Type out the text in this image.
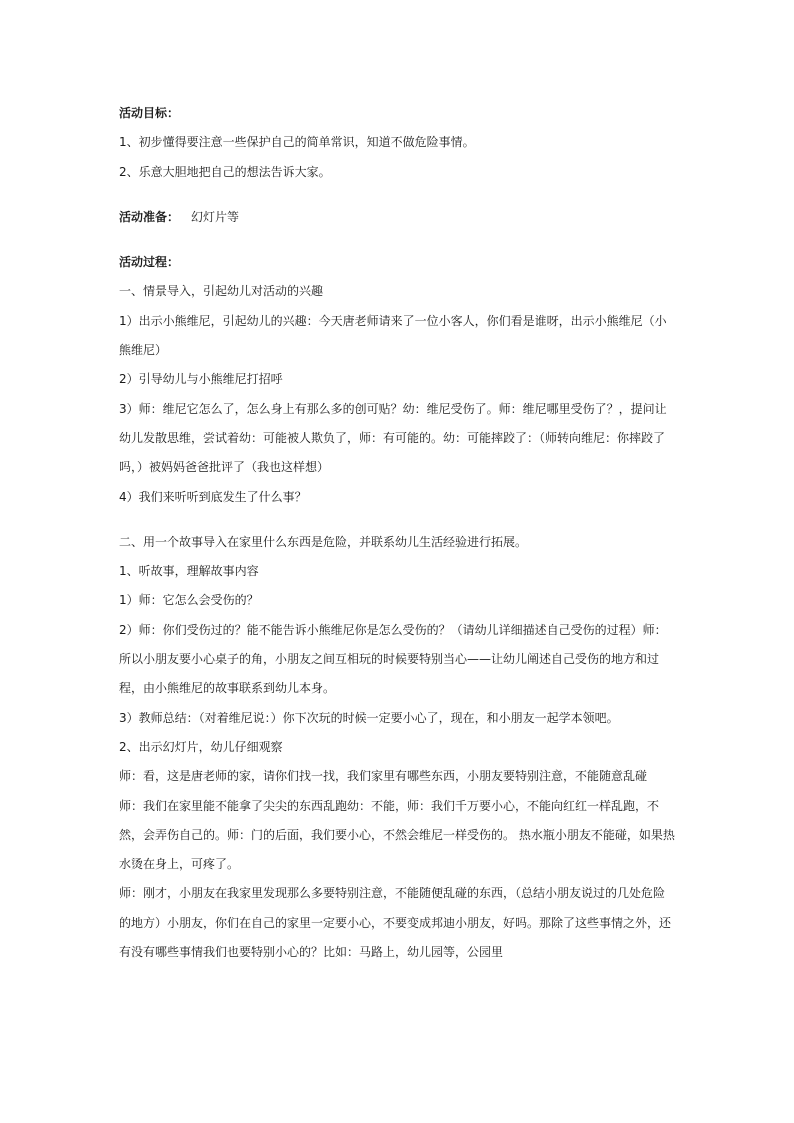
活动目标：
1、初步懂得要注意一些保护自己的简单常识，知道不做危险事情。
2、乐意大胆地把自己的想法告诉大家。
活动准备： 幻灯片等
活动过程：
一、情景导入，引起幼儿对活动的兴趣
1）出示小熊维尼，引起幼儿的兴趣：今天唐老师请来了一位小客人，你们看是谁呀，出示小熊维尼（小熊维尼）
2）引导幼儿与小熊维尼打招呼
3）师：维尼它怎么了，怎么身上有那么多的创可贴？幼：维尼受伤了。师：维尼哪里受伤了？，提问让幼儿发散思维，尝试着幼：可能被人欺负了，师：有可能的。幼：可能摔跤了：（师转向维尼：你摔跤了吗，）被妈妈爸爸批评了（我也这样想）
4）我们来听听到底发生了什么事？
二、用一个故事导入在家里什么东西是危险，并联系幼儿生活经验进行拓展。
1、听故事，理解故事内容
1）师：它怎么会受伤的？
2）师：你们受伤过的？能不能告诉小熊维尼你是怎么受伤的？（请幼儿详细描述自己受伤的过程）师：所以小朋友要小心桌子的角，小朋友之间互相玩的时候要特别当心——让幼儿阐述自己受伤的地方和过程，由小熊维尼的故事联系到幼儿本身。
3）教师总结：（对着维尼说：）你下次玩的时候一定要小心了，现在，和小朋友一起学本领吧。
2、出示幻灯片，幼儿仔细观察
师：看，这是唐老师的家，请你们找一找，我们家里有哪些东西，小朋友要特别注意，不能随意乱碰
师：我们在家里能不能拿了尖尖的东西乱跑幼：不能，师：我们千万要小心，不能向红红一样乱跑，不然，会弄伤自己的。师：门的后面，我们要小心，不然会维尼一样受伤的。 热水瓶小朋友不能碰，如果热水烫在身上，可疼了。
师：刚才，小朋友在我家里发现那么多要特别注意，不能随便乱碰的东西，（总结小朋友说过的几处危险的地方）小朋友，你们在自己的家里一定要小心，不要变成邦迪小朋友，好吗。那除了这些事情之外，还有没有哪些事情我们也要特别小心的？比如：马路上，幼儿园等，公园里
